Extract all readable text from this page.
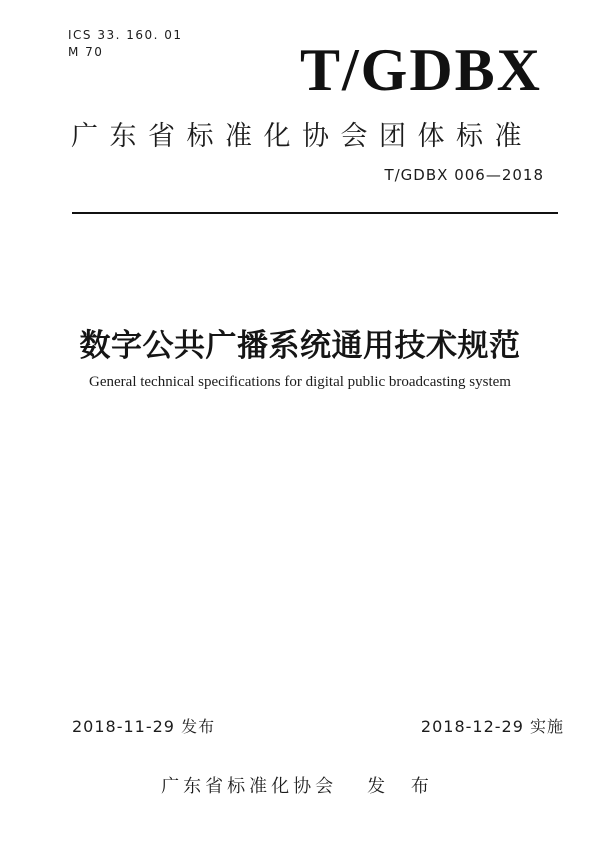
ICS 33. 160. 01
M 70	T/GDBX
广东省标准化协会团体标准
T/GDBX 006—2018
数字公共广播系统通用技术规范
General technical specifications for digital public broadcasting system
2018-11-29 发布	2018-12-29 实施
广东省标准化协会 发 布
